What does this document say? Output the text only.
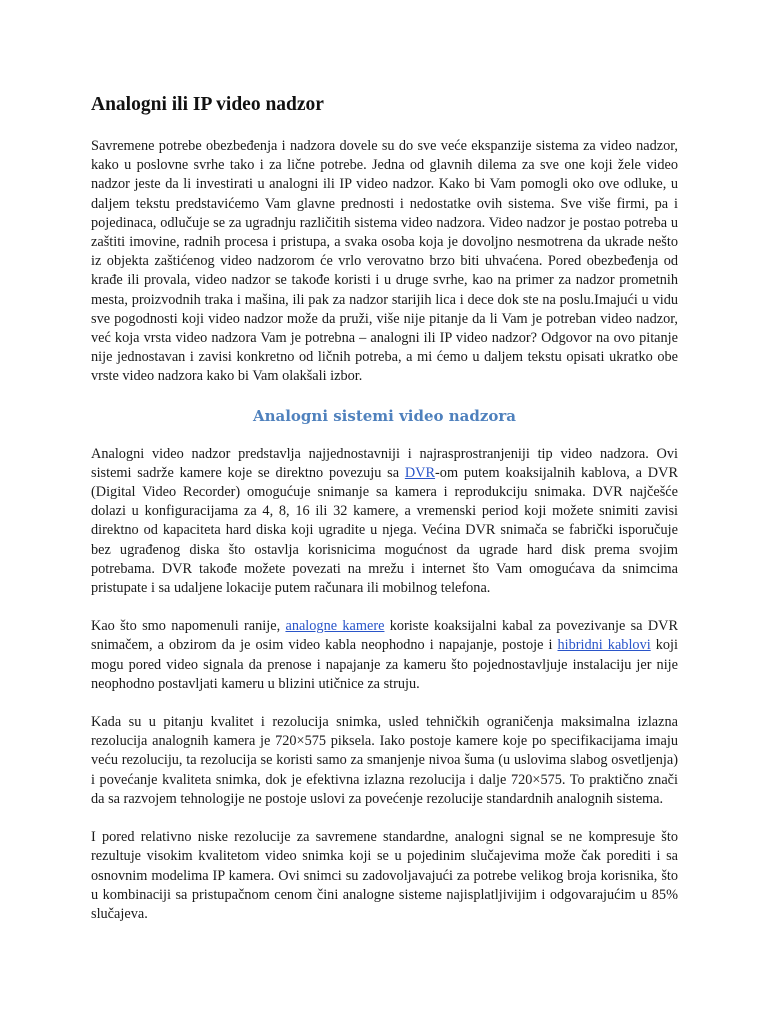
Analogni ili IP video nadzor

Savremene potrebe obezbeđenja i nadzora dovele su do sve veće ekspanzije sistema za video nadzor, kako u poslovne svrhe tako i za lične potrebe. Jedna od glavnih dilema za sve one koji žele video nadzor jeste da li investirati u analogni ili IP video nadzor. Kako bi Vam pomogli oko ove odluke, u daljem tekstu predstavićemo Vam glavne prednosti i nedostatke ovih sistema. Sve više firmi, pa i pojedinaca, odlučuje se za ugradnju različitih sistema video nadzora. Video nadzor je postao potreba u zaštiti imovine, radnih procesa i pristupa, a svaka osoba koja je dovoljno nesmotrena da ukrade nešto iz objekta zaštićenog video nadzorom će vrlo verovatno brzo biti uhvaćena. Pored obezbeđenja od krađe ili provala, video nadzor se takođe koristi i u druge svrhe, kao na primer za nadzor prometnih mesta, proizvodnih traka i mašina, ili pak za nadzor starijih lica i dece dok ste na poslu.Imajući u vidu sve pogodnosti koji video nadzor može da pruži, više nije pitanje da li Vam je potreban video nadzor, već koja vrsta video nadzora Vam je potrebna – analogni ili IP video nadzor? Odgovor na ovo pitanje nije jednostavan i zavisi konkretno od ličnih potreba, a mi ćemo u daljem tekstu opisati ukratko obe vrste video nadzora kako bi Vam olakšali izbor.

Analogni sistemi video nadzora

Analogni video nadzor predstavlja najjednostavniji i najrasprostranjeniji tip video nadzora. Ovi sistemi sadrže kamere koje se direktno povezuju sa DVR-om putem koaksijalnih kablova, a DVR (Digital Video Recorder) omogućuje snimanje sa kamera i reprodukciju snimaka. DVR najčešće dolazi u konfiguracijama za 4, 8, 16 ili 32 kamere, a vremenski period koji možete snimiti zavisi direktno od kapaciteta hard diska koji ugradite u njega. Većina DVR snimača se fabrički isporučuje bez ugrađenog diska što ostavlja korisnicima mogućnost da ugrade hard disk prema svojim potrebama. DVR takođe možete povezati na mrežu i internet što Vam omogućava da snimcima pristupate i sa udaljene lokacije putem računara ili mobilnog telefona.

Kao što smo napomenuli ranije, analogne kamere koriste koaksijalni kabal za povezivanje sa DVR snimačem, a obzirom da je osim video kabla neophodno i napajanje, postoje i hibridni kablovi koji mogu pored video signala da prenose i napajanje za kameru što pojednostavljuje instalaciju jer nije neophodno postavljati kameru u blizini utičnice za struju.

Kada su u pitanju kvalitet i rezolucija snimka, usled tehničkih ograničenja maksimalna izlazna rezolucija analognih kamera je 720×575 piksela. Iako postoje kamere koje po specifikacijama imaju veću rezoluciju, ta rezolucija se koristi samo za smanjenje nivoa šuma (u uslovima slabog osvetljenja) i povećanje kvaliteta snimka, dok je efektivna izlazna rezolucija i dalje 720×575. To praktično znači da sa razvojem tehnologije ne postoje uslovi za povećenje rezolucije standardnih analognih sistema.

I pored relativno niske rezolucije za savremene standardne, analogni signal se ne kompresuje što rezultuje visokim kvalitetom video snimka koji se u pojedinim slučajevima može čak porediti i sa osnovnim modelima IP kamera. Ovi snimci su zadovoljavajući za potrebe velikog broja korisnika, što u kombinaciji sa pristupačnom cenom čini analogne sisteme najisplatljivijim i odgovarajućim u 85% slučajeva.
